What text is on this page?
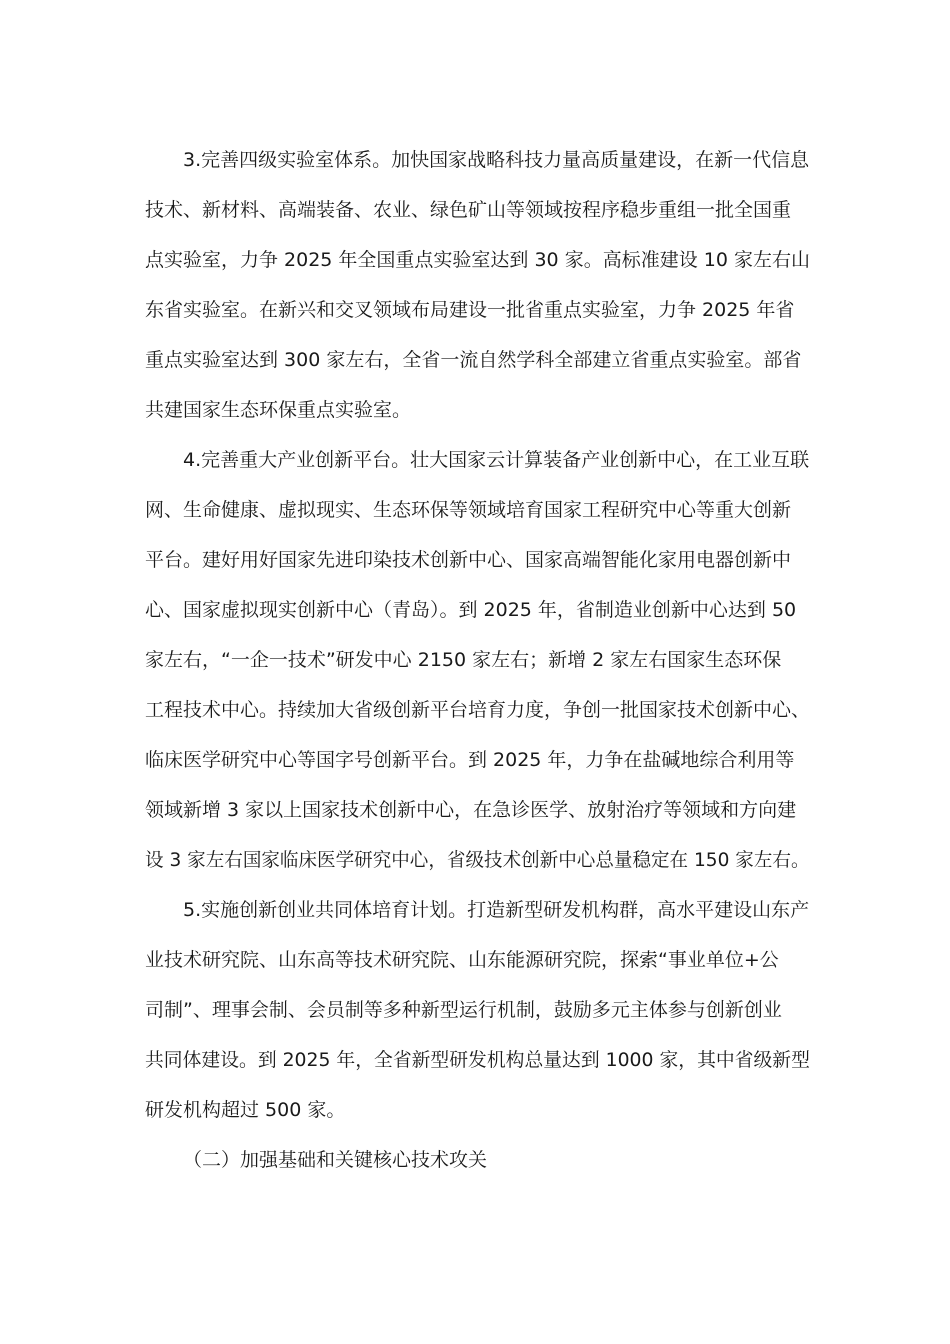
3.完善四级实验室体系。加快国家战略科技力量高质量建设，在新一代信息
技术、新材料、高端装备、农业、绿色矿山等领域按程序稳步重组一批全国重
点实验室，力争 2025 年全国重点实验室达到 30 家。高标准建设 10 家左右山
东省实验室。在新兴和交叉领域布局建设一批省重点实验室，力争 2025 年省
重点实验室达到 300 家左右，全省一流自然学科全部建立省重点实验室。部省
共建国家生态环保重点实验室。
4.完善重大产业创新平台。壮大国家云计算装备产业创新中心，在工业互联
网、生命健康、虚拟现实、生态环保等领域培育国家工程研究中心等重大创新
平台。建好用好国家先进印染技术创新中心、国家高端智能化家用电器创新中
心、国家虚拟现实创新中心（青岛）。到 2025 年，省制造业创新中心达到 50
家左右，“一企一技术”研发中心 2150 家左右；新增 2 家左右国家生态环保
工程技术中心。持续加大省级创新平台培育力度，争创一批国家技术创新中心、
临床医学研究中心等国字号创新平台。到 2025 年，力争在盐碱地综合利用等
领域新增 3 家以上国家技术创新中心，在急诊医学、放射治疗等领域和方向建
设 3 家左右国家临床医学研究中心，省级技术创新中心总量稳定在 150 家左右。
5.实施创新创业共同体培育计划。打造新型研发机构群，高水平建设山东产
业技术研究院、山东高等技术研究院、山东能源研究院，探索“事业单位+公
司制”、理事会制、会员制等多种新型运行机制，鼓励多元主体参与创新创业
共同体建设。到 2025 年，全省新型研发机构总量达到 1000 家，其中省级新型
研发机构超过 500 家。
（二）加强基础和关键核心技术攻关
